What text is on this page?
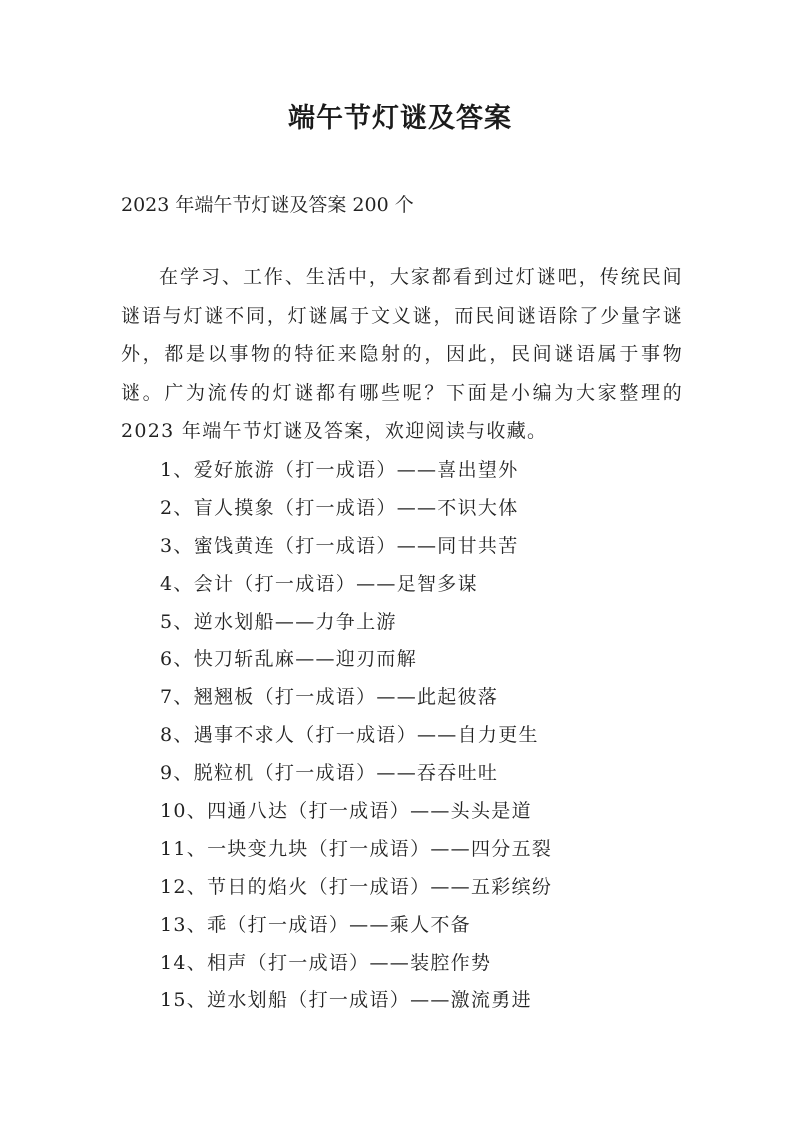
端午节灯谜及答案
2023 年端午节灯谜及答案 200 个
在学习、工作、生活中，大家都看到过灯谜吧，传统民间谜语与灯谜不同，灯谜属于文义谜，而民间谜语除了少量字谜外，都是以事物的特征来隐射的，因此，民间谜语属于事物谜。广为流传的灯谜都有哪些呢？下面是小编为大家整理的 2023 年端午节灯谜及答案，欢迎阅读与收藏。
1、爱好旅游（打一成语）——喜出望外
2、盲人摸象（打一成语）——不识大体
3、蜜饯黄连（打一成语）——同甘共苦
4、会计（打一成语）——足智多谋
5、逆水划船——力争上游
6、快刀斩乱麻——迎刃而解
7、翘翘板（打一成语）——此起彼落
8、遇事不求人（打一成语）——自力更生
9、脱粒机（打一成语）——吞吞吐吐
10、四通八达（打一成语）——头头是道
11、一块变九块（打一成语）——四分五裂
12、节日的焰火（打一成语）——五彩缤纷
13、乖（打一成语）——乘人不备
14、相声（打一成语）——装腔作势
15、逆水划船（打一成语）——激流勇进
